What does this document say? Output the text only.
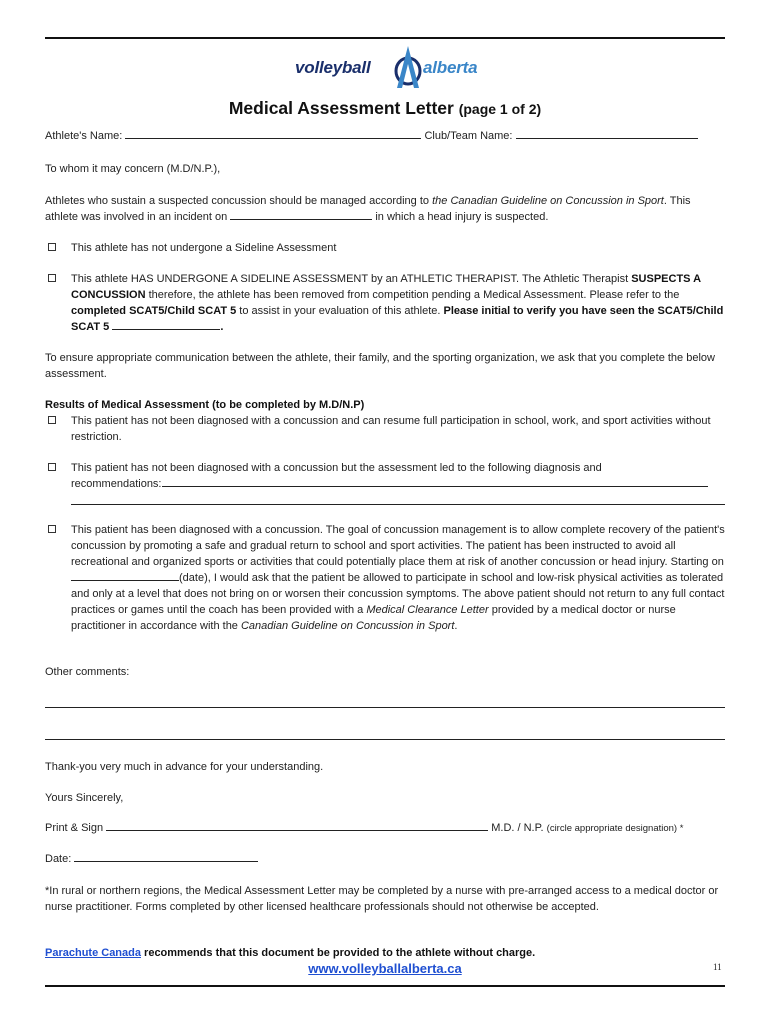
volleyball	alberta
Medical Assessment Letter (page 1 of 2)
Athlete's Name:	Club/Team Name:
To whom it may concern (M.D/N.P.),
Athletes who sustain a suspected concussion should be managed according to the Canadian Guideline on Concussion in Sport. This athlete was involved in an incident on	in which a head injury is suspected.
This athlete has not undergone a Sideline Assessment
This athlete HAS UNDERGONE A SIDELINE ASSESSMENT by an ATHLETIC THERAPIST. The Athletic Therapist SUSPECTS A CONCUSSION therefore, the athlete has been removed from competition pending a Medical Assessment. Please refer to the completed SCAT5/Child SCAT 5 to assist in your evaluation of this athlete. Please initial to verify you have seen the SCAT5/Child SCAT 5	.
To ensure appropriate communication between the athlete, their family, and the sporting organization, we ask that you complete the below assessment.
Results of Medical Assessment (to be completed by M.D/N.P)
This patient has not been diagnosed with a concussion and can resume full participation in school, work, and sport activities without restriction.
This patient has not been diagnosed with a concussion but the assessment led to the following diagnosis and
recommendations:
This patient has been diagnosed with a concussion. The goal of concussion management is to allow complete recovery of the patient's concussion by promoting a safe and gradual return to school and sport activities. The patient has been instructed to avoid all recreational and organized sports or activities that could potentially place them at risk of another concussion or head injury. Starting on (date), I would ask that the patient be allowed to participate in school and low-risk physical activities as tolerated and only at a level that does not bring on or worsen their concussion symptoms. The above patient should not return to any full contact practices or games until the coach has been provided with a Medical Clearance Letter provided by a medical doctor or nurse practitioner in accordance with the Canadian Guideline on Concussion in Sport.
Other comments:
Thank-you very much in advance for your understanding.
Yours Sincerely,
Print & Sign	M.D. / N.P. (circle appropriate designation) *
Date:
*In rural or northern regions, the Medical Assessment Letter may be completed by a nurse with pre-arranged access to a medical doctor or nurse practitioner. Forms completed by other licensed healthcare professionals should not otherwise be accepted.
Parachute Canada recommends that this document be provided to the athlete without charge.
www.volleyballalberta.ca	11
